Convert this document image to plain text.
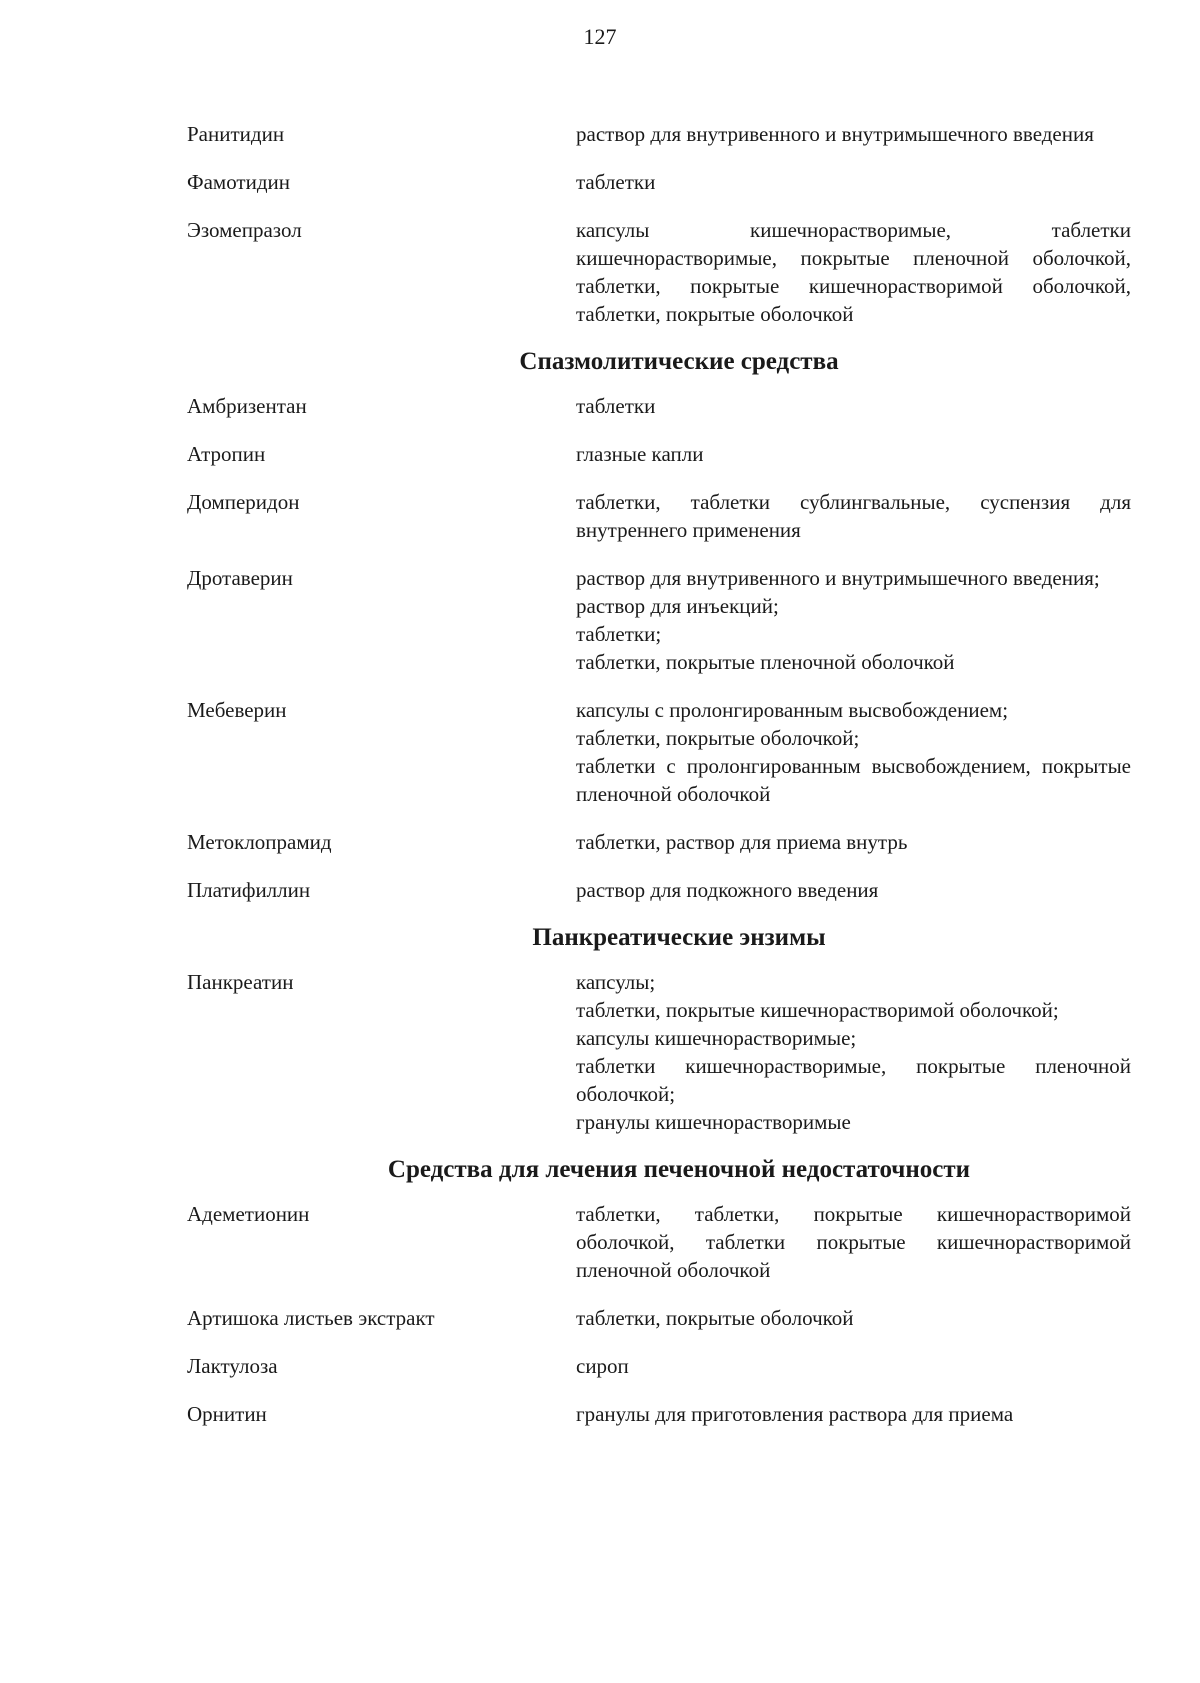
127
Ранитидин	раствор для внутривенного и внутримышечного введения
Фамотидин	таблетки
Эзомепразол	капсулы кишечнорастворимые, таблетки кишечнорастворимые, покрытые пленочной оболочкой, таблетки, покрытые кишечнорастворимой оболочкой, таблетки, покрытые оболочкой
Спазмолитические средства
Амбризентан	таблетки
Атропин	глазные капли
Домперидон	таблетки, таблетки сублингвальные, суспензия для внутреннего применения
Дротаверин	раствор для внутривенного и внутримышечного введения;
раствор для инъекций;
таблетки;
таблетки, покрытые пленочной оболочкой
Мебеверин	капсулы с пролонгированным высвобождением;
таблетки, покрытые оболочкой;
таблетки с пролонгированным высвобождением, покрытые пленочной оболочкой
Метоклопрамид	таблетки, раствор для приема внутрь
Платифиллин	раствор для подкожного введения
Панкреатические энзимы
Панкреатин	капсулы;
таблетки, покрытые кишечнорастворимой оболочкой;
капсулы кишечнорастворимые;
таблетки кишечнорастворимые, покрытые пленочной оболочкой;
гранулы кишечнорастворимые
Средства для лечения печеночной недостаточности
Адеметионин	таблетки, таблетки, покрытые кишечнорастворимой оболочкой, таблетки покрытые кишечнорастворимой пленочной оболочкой
Артишока листьев экстракт	таблетки, покрытые оболочкой
Лактулоза	сироп
Орнитин	гранулы для приготовления раствора для приема
